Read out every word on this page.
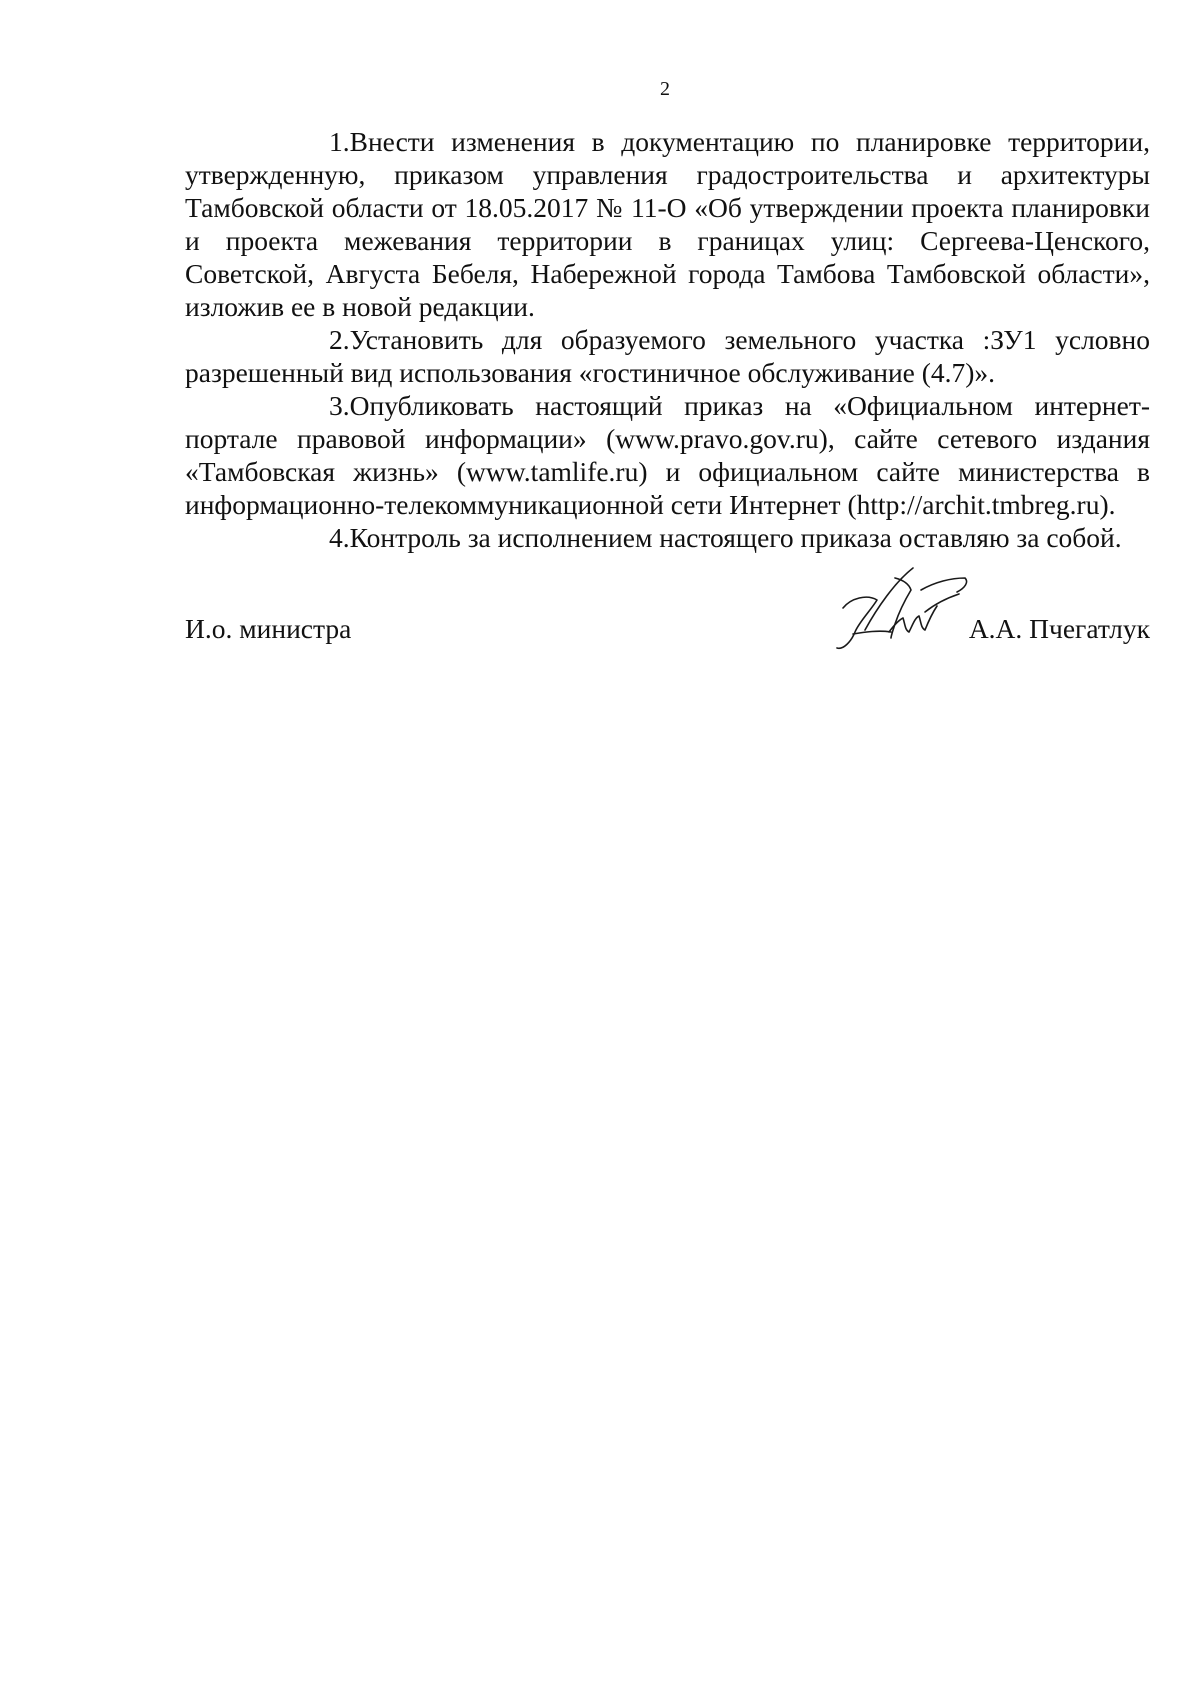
2

1.Внести изменения в документацию по планировке территории, утвержденную, приказом управления градостроительства и архитектуры Тамбовской области от 18.05.2017 № 11-О «Об утверждении проекта планировки и проекта межевания территории в границах улиц: Сергеева-Ценского, Советской, Августа Бебеля, Набережной города Тамбова Тамбовской области», изложив ее в новой редакции.

2.Установить для образуемого земельного участка :ЗУ1 условно разрешенный вид использования «гостиничное обслуживание (4.7)».

3.Опубликовать настоящий приказ на «Официальном интернет-портале правовой информации» (www.pravo.gov.ru), сайте сетевого издания «Тамбовская жизнь» (www.tamlife.ru) и официальном сайте министерства в информационно-телекоммуникационной сети Интернет (http://archit.tmbreg.ru).

4.Контроль за исполнением настоящего приказа оставляю за собой.

И.о. министра	А.А. Пчегатлук
